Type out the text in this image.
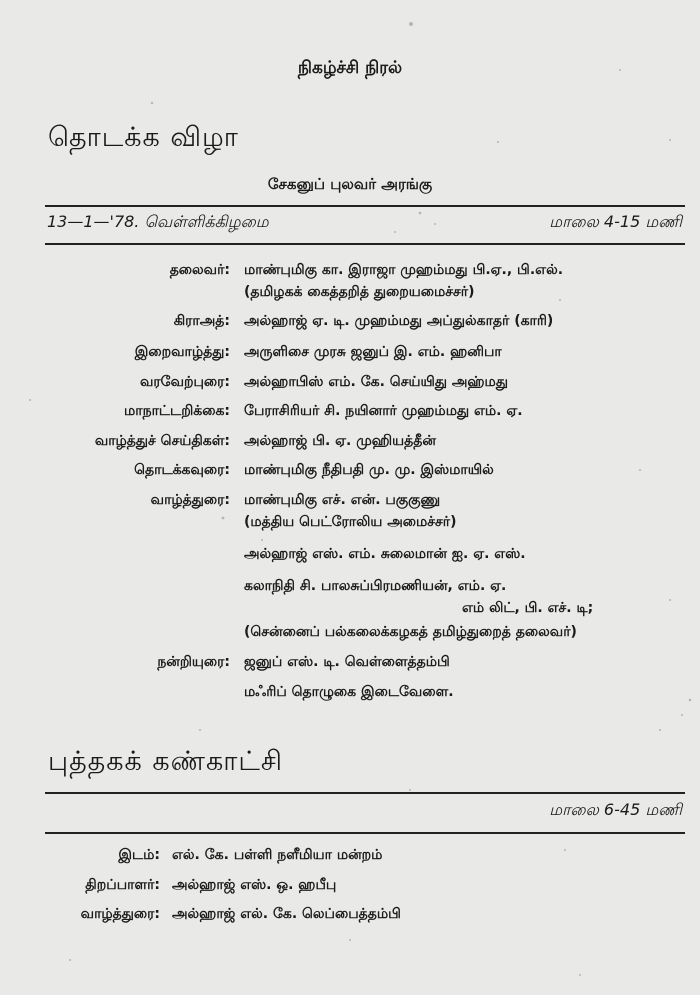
நிகழ்ச்சி நிரல்
தொடக்க விழா
சேகனுப் புலவர் அரங்கு
13—1—'78. வெள்ளிக்கிழமை	மாலை 4-15 மணி
தலைவர்: மாண்புமிகு கா. இராஜா முஹம்மது பி.ஏ., பி.எல்.
(தமிழகக் கைத்தறித் துறையமைச்சர்)
கிராஅத்: அல்ஹாஜ் ஏ. டி. முஹம்மது அப்துல்காதர் (காரி)
இறைவாழ்த்து: அருளிசை முரசு ஜனுப் இ. எம். ஹனிபா
வரவேற்புரை: அல்ஹாபிஸ் எம். கே. செய்யிது அஹ்மது
மாநாட்டறிக்கை: பேராசிரியர் சி. நயினார் முஹம்மது எம். ஏ.
வாழ்த்துச் செய்திகள்: அல்ஹாஜ் பி. ஏ. முஹியத்தீன்
தொடக்கவுரை: மாண்புமிகு நீதிபதி மு. மு. இஸ்மாயில்
வாழ்த்துரை: மாண்புமிகு எச். என். பகுகுணு
(மத்திய பெட்ரோலிய அமைச்சர்)
அல்ஹாஜ் எஸ். எம். சுலைமான் ஐ. ஏ. எஸ்.
கலாநிதி சி. பாலசுப்பிரமணியன், எம். ஏ.
எம் லிட், பி. எச். டி;
(சென்னைப் பல்கலைக்கழகத் தமிழ்துறைத் தலைவர்)
நன்றியுரை: ஜனுப் எஸ். டி. வெள்ளைத்தம்பி
மஃரிப் தொழுகை இடைவேளை.
புத்தகக் கண்காட்சி
மாலை 6-45 மணி
இடம்: எல். கே. பள்ளி நளீமியா மன்றம்
திறப்பாளர்: அல்ஹாஜ் எஸ். ஒ. ஹபீபு
வாழ்த்துரை: அல்ஹாஜ் எல். கே. லெப்பைத்தம்பி
